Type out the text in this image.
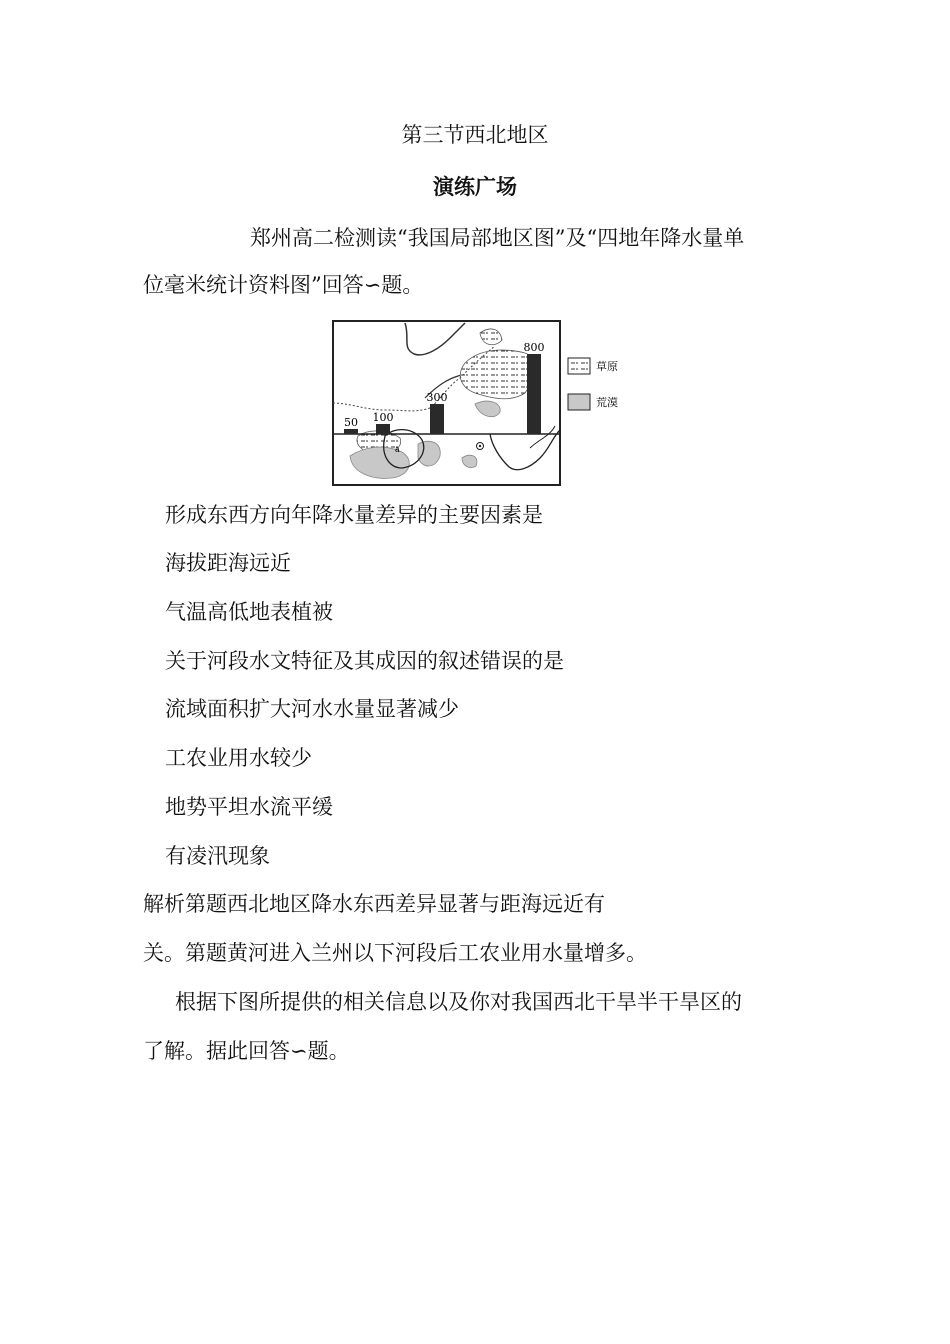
第三节西北地区
演练广场
郑州高二检测读“我国局部地区图”及“四地年降水量单
位毫米统计资料图”回答∽题。
a
50 100
300
800
草原
荒漠
形成东西方向年降水量差异的主要因素是
海拔距海远近
气温高低地表植被
关于河段水文特征及其成因的叙述错误的是
流域面积扩大河水水量显著减少
工农业用水较少
地势平坦水流平缓
有凌汛现象
解析第题西北地区降水东西差异显著与距海远近有
关。第题黄河进入兰州以下河段后工农业用水量增多。
根据下图所提供的相关信息以及你对我国西北干旱半干旱区的
了解。据此回答∽题。
